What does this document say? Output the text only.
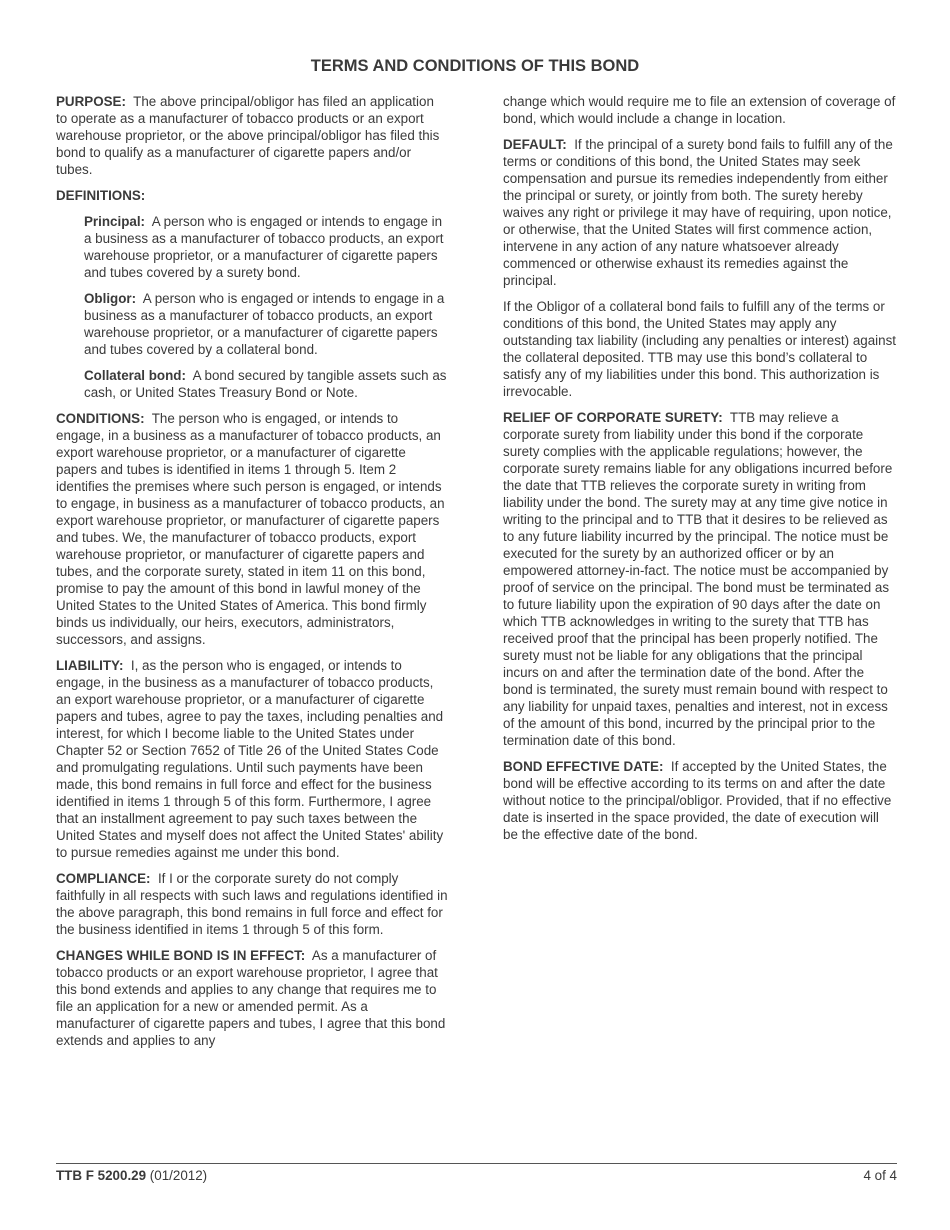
TERMS AND CONDITIONS OF THIS BOND

PURPOSE: The above principal/obligor has filed an application to operate as a manufacturer of tobacco products or an export warehouse proprietor, or the above principal/obligor has filed this bond to qualify as a manufacturer of cigarette papers and/or tubes.

DEFINITIONS:

Principal: A person who is engaged or intends to engage in a business as a manufacturer of tobacco products, an export warehouse proprietor, or a manufacturer of cigarette papers and tubes covered by a surety bond.

Obligor: A person who is engaged or intends to engage in a business as a manufacturer of tobacco products, an export warehouse proprietor, or a manufacturer of cigarette papers and tubes covered by a collateral bond.

Collateral bond: A bond secured by tangible assets such as cash, or United States Treasury Bond or Note.

CONDITIONS: The person who is engaged, or intends to engage, in a business as a manufacturer of tobacco products, an export warehouse proprietor, or a manufacturer of cigarette papers and tubes is identified in items 1 through 5. Item 2 identifies the premises where such person is engaged, or intends to engage, in business as a manufacturer of tobacco products, an export warehouse proprietor, or manufacturer of cigarette papers and tubes. We, the manufacturer of tobacco products, export warehouse proprietor, or manufacturer of cigarette papers and tubes, and the corporate surety, stated in item 11 on this bond, promise to pay the amount of this bond in lawful money of the United States to the United States of America. This bond firmly binds us individually, our heirs, executors, administrators, successors, and assigns.

LIABILITY: I, as the person who is engaged, or intends to engage, in the business as a manufacturer of tobacco products, an export warehouse proprietor, or a manufacturer of cigarette papers and tubes, agree to pay the taxes, including penalties and interest, for which I become liable to the United States under Chapter 52 or Section 7652 of Title 26 of the United States Code and promulgating regulations. Until such payments have been made, this bond remains in full force and effect for the business identified in items 1 through 5 of this form. Furthermore, I agree that an installment agreement to pay such taxes between the United States and myself does not affect the United States' ability to pursue remedies against me under this bond.

COMPLIANCE: If I or the corporate surety do not comply faithfully in all respects with such laws and regulations identified in the above paragraph, this bond remains in full force and effect for the business identified in items 1 through 5 of this form.

CHANGES WHILE BOND IS IN EFFECT: As a manufacturer of tobacco products or an export warehouse proprietor, I agree that this bond extends and applies to any change that requires me to file an application for a new or amended permit. As a manufacturer of cigarette papers and tubes, I agree that this bond extends and applies to any

change which would require me to file an extension of coverage of bond, which would include a change in location.

DEFAULT: If the principal of a surety bond fails to fulfill any of the terms or conditions of this bond, the United States may seek compensation and pursue its remedies independently from either the principal or surety, or jointly from both. The surety hereby waives any right or privilege it may have of requiring, upon notice, or otherwise, that the United States will first commence action, intervene in any action of any nature whatsoever already commenced or otherwise exhaust its remedies against the principal.

If the Obligor of a collateral bond fails to fulfill any of the terms or conditions of this bond, the United States may apply any outstanding tax liability (including any penalties or interest) against the collateral deposited. TTB may use this bond’s collateral to satisfy any of my liabilities under this bond. This authorization is irrevocable.

RELIEF OF CORPORATE SURETY: TTB may relieve a corporate surety from liability under this bond if the corporate surety complies with the applicable regulations; however, the corporate surety remains liable for any obligations incurred before the date that TTB relieves the corporate surety in writing from liability under the bond. The surety may at any time give notice in writing to the principal and to TTB that it desires to be relieved as to any future liability incurred by the principal. The notice must be executed for the surety by an authorized officer or by an empowered attorney-in-fact. The notice must be accompanied by proof of service on the principal. The bond must be terminated as to future liability upon the expiration of 90 days after the date on which TTB acknowledges in writing to the surety that TTB has received proof that the principal has been properly notified. The surety must not be liable for any obligations that the principal incurs on and after the termination date of the bond. After the bond is terminated, the surety must remain bound with respect to any liability for unpaid taxes, penalties and interest, not in excess of the amount of this bond, incurred by the principal prior to the termination date of this bond.

BOND EFFECTIVE DATE: If accepted by the United States, the bond will be effective according to its terms on and after the date without notice to the principal/obligor. Provided, that if no effective date is inserted in the space provided, the date of execution will be the effective date of the bond.

TTB F 5200.29 (01/2012)	4 of 4
